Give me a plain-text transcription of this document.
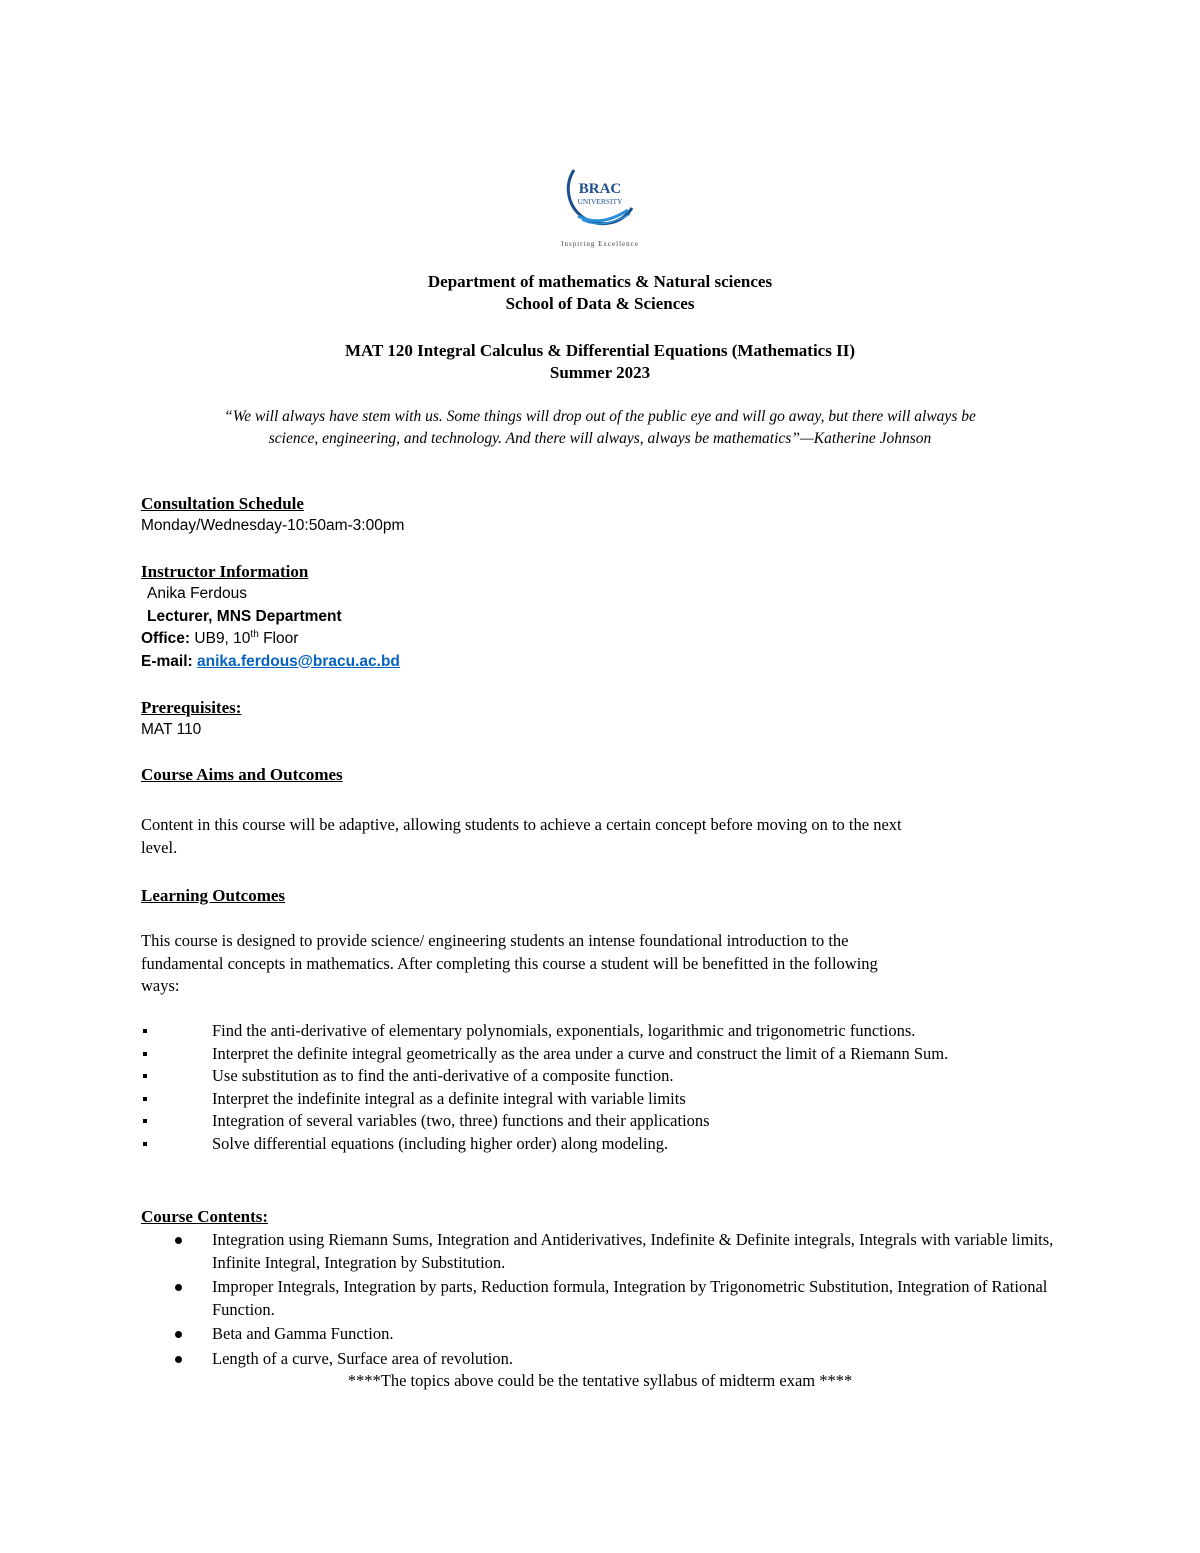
BRAC
UNIVERSITY
Inspiring Excellence

Department of mathematics & Natural sciences

School of Data & Sciences

MAT 120 Integral Calculus & Differential Equations (Mathematics II)

Summer 2023

“We will always have stem with us. Some things will drop out of the public eye and will go away, but there will always be

science, engineering, and technology. And there will always, always be mathematics”—Katherine Johnson

Consultation Schedule

Monday/Wednesday-10:50am-3:00pm

Instructor Information

Anika Ferdous

Lecturer, MNS Department

Office: UB9, 10th Floor

E-mail: anika.ferdous@bracu.ac.bd

Prerequisites:

MAT 110

Course Aims and Outcomes

Content in this course will be adaptive, allowing students to achieve a certain concept before moving on to the next

level.

Learning Outcomes

This course is designed to provide science/ engineering students an intense foundational introduction to the

fundamental concepts in mathematics. After completing this course a student will be benefitted in the following

ways:

Find the anti-derivative of elementary polynomials, exponentials, logarithmic and trigonometric functions.
Interpret the definite integral geometrically as the area under a curve and construct the limit of a Riemann Sum.
Use substitution as to find the anti-derivative of a composite function.
Interpret the indefinite integral as a definite integral with variable limits
Integration of several variables (two, three) functions and their applications
Solve differential equations (including higher order) along modeling.

Course Contents:

Integration using Riemann Sums, Integration and Antiderivatives, Indefinite & Definite integrals, Integrals with variable limits, Infinite Integral, Integration by Substitution.
Improper Integrals, Integration by parts, Reduction formula, Integration by Trigonometric Substitution, Integration of Rational Function.
Beta and Gamma Function.
Length of a curve, Surface area of revolution.

****The topics above could be the tentative syllabus of midterm exam ****
